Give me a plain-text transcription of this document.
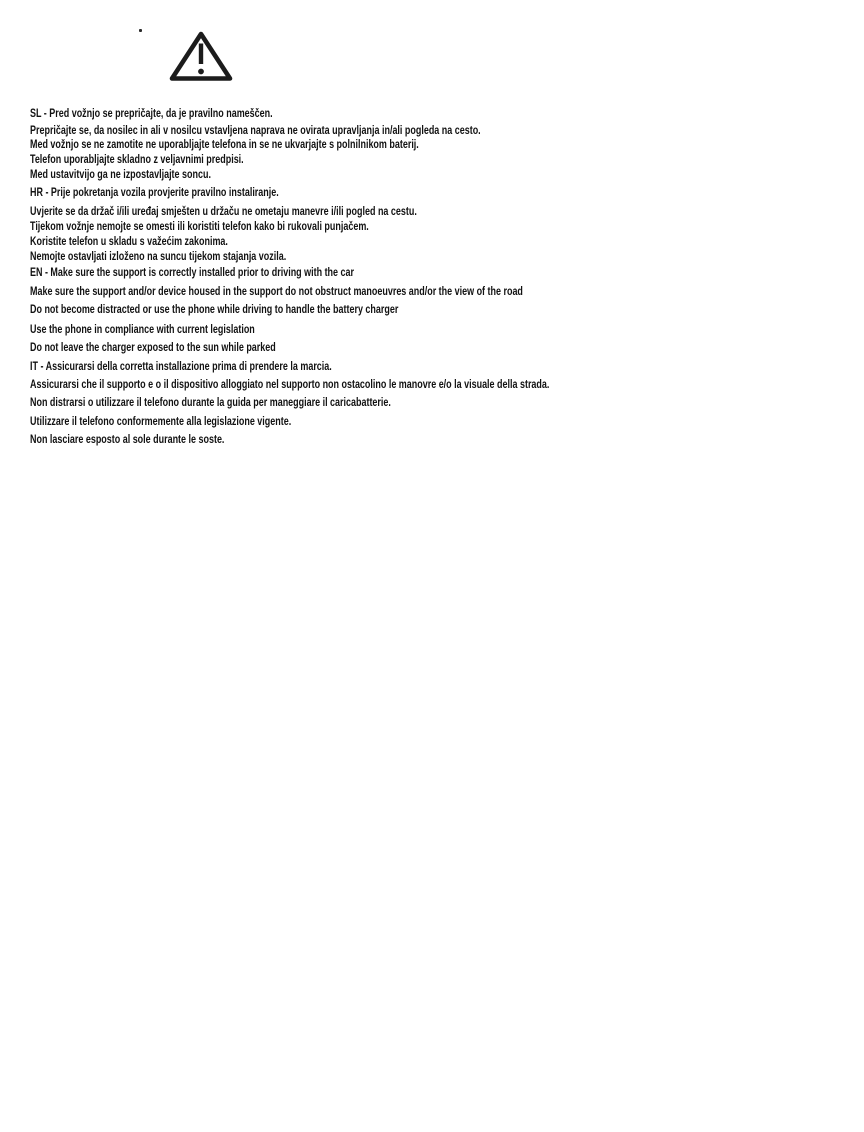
SL - Pred vožnjo se prepričajte, da je pravilno nameščen.

Prepričajte se, da nosilec in ali v nosilcu vstavljena naprava ne ovirata upravljanja in/ali pogleda na cesto.

Med vožnjo se ne zamotite ne uporabljajte telefona in se ne ukvarjajte s polnilnikom baterij.

Telefon uporabljajte skladno z veljavnimi predpisi.

Med ustavitvijo ga ne izpostavljajte soncu.

HR - Prije pokretanja vozila provjerite pravilno instaliranje.

Uvjerite se da držač i/ili uređaj smješten u držaču ne ometaju manevre i/ili pogled na cestu.

Tijekom vožnje nemojte se omesti ili koristiti telefon kako bi rukovali punjačem.

Koristite telefon u skladu s važećim zakonima.

Nemojte ostavljati izloženo na suncu tijekom stajanja vozila.

EN - Make sure the support is correctly installed prior to driving with the car

Make sure the support and/or device housed in the support do not obstruct manoeuvres and/or the view of the road

Do not become distracted or use the phone while driving to handle the battery charger

Use the phone in compliance with current legislation

Do not leave the charger exposed to the sun while parked

IT - Assicurarsi della corretta installazione prima di prendere la marcia.

Assicurarsi che il supporto e o il dispositivo alloggiato nel supporto non ostacolino le manovre e/o la visuale della strada.

Non distrarsi o utilizzare il telefono durante la guida per maneggiare il caricabatterie.

Utilizzare il telefono conformemente alla legislazione vigente.

Non lasciare esposto al sole durante le soste.
